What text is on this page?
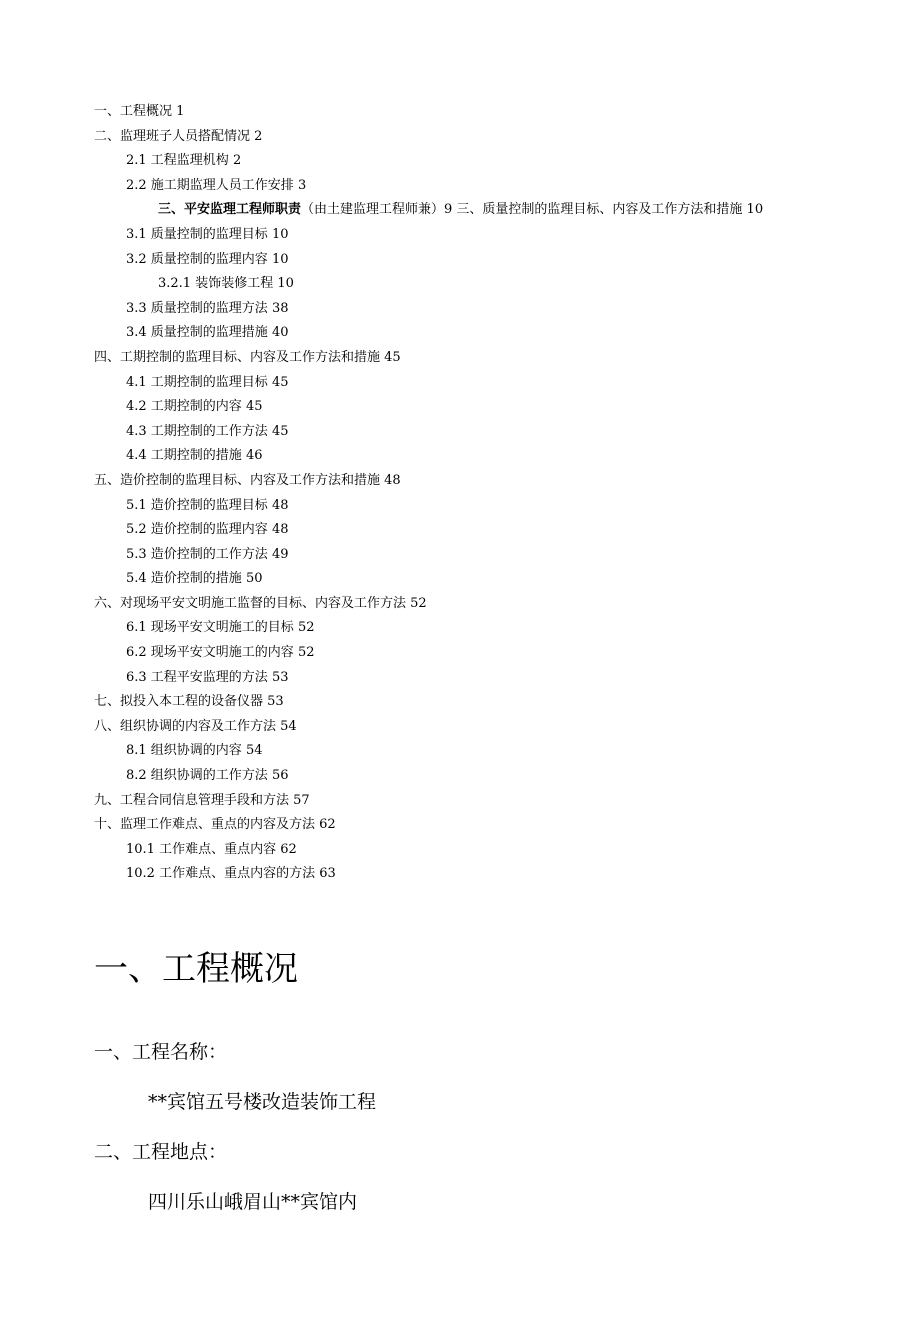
一、工程概况 1
二、监理班子人员搭配情况 2
2.1 工程监理机构 2
2.2 施工期监理人员工作安排 3
三、平安监理工程师职责（由土建监理工程师兼）9 三、质量控制的监理目标、内容及工作方法和措施 10
3.1 质量控制的监理目标 10
3.2 质量控制的监理内容 10
3.2.1 装饰装修工程 10
3.3 质量控制的监理方法 38
3.4 质量控制的监理措施 40
四、工期控制的监理目标、内容及工作方法和措施 45
4.1 工期控制的监理目标 45
4.2 工期控制的内容 45
4.3 工期控制的工作方法 45
4.4 工期控制的措施 46
五、造价控制的监理目标、内容及工作方法和措施 48
5.1 造价控制的监理目标 48
5.2 造价控制的监理内容 48
5.3 造价控制的工作方法 49
5.4 造价控制的措施 50
六、对现场平安文明施工监督的目标、内容及工作方法 52
6.1 现场平安文明施工的目标 52
6.2 现场平安文明施工的内容 52
6.3 工程平安监理的方法 53
七、拟投入本工程的设备仪器 53
八、组织协调的内容及工作方法 54
8.1 组织协调的内容 54
8.2 组织协调的工作方法 56
九、工程合同信息管理手段和方法 57
十、监理工作难点、重点的内容及方法 62
10.1 工作难点、重点内容 62
10.2 工作难点、重点内容的方法 63
一、工程概况
一、工程名称：

**宾馆五号楼改造装饰工程

二、工程地点：

四川乐山峨眉山**宾馆内
